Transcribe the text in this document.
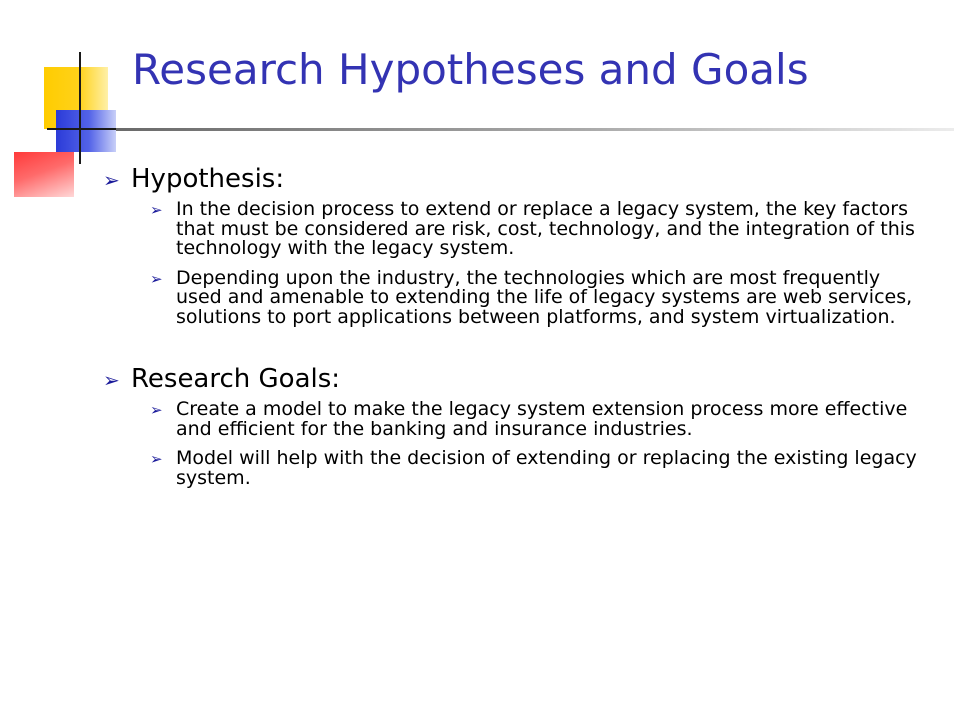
Research Hypotheses and Goals
➢ Hypothesis:
➢ In the decision process to extend or replace a legacy system, the key factors that must be considered are risk, cost, technology, and the integration of this technology with the legacy system.
➢ Depending upon the industry, the technologies which are most frequently used and amenable to extending the life of legacy systems are web services, solutions to port applications between platforms, and system virtualization.
➢ Research Goals:
➢ Create a model to make the legacy system extension process more effective and efficient for the banking and insurance industries.
➢ Model will help with the decision of extending or replacing the existing legacy system.
